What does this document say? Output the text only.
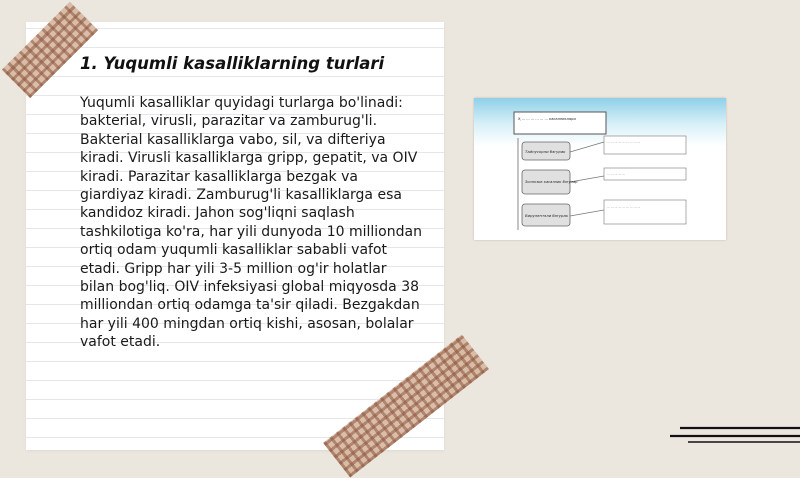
1. Yuqumli kasalliklarning turlari

Yuqumli kasalliklar quyidagi turlarga bo'linadi: bakterial, virusli, parazitar va zamburug'li. Bakterial kasalliklarga vabo, sil, va difteriya kiradi. Virusli kasalliklarga gripp, gepatit, va OIV kiradi. Parazitar kasalliklarga bezgak va giardiyaz kiradi. Zamburug'li kasalliklarga esa kandidoz kiradi. Jahon sog'liqni saqlash tashkilotiga ko'ra, har yili dunyoda 10 milliondan ortiq odam yuqumli kasalliklar sababli vafot etadi. Gripp har yili 3-5 million og'ir holatlar bilan bog'liq. OIV infeksiyasi global miqyosda 38 milliondan ortiq odamga ta'sir qiladi. Bezgakdan har yili 400 mingdan ortiq kishi, asosan, bolalar vafot etadi.

Ҳ ... ... ... ... ... ... касалликлари
Тайпусорли бэгурак
Зоонозик касаллик бэгулар
Вирулентэли бэгурак
... ... ... ... ... ... ... ... ...
... ... ... ... ...
... ... ... ... ... ... ... ... ...
